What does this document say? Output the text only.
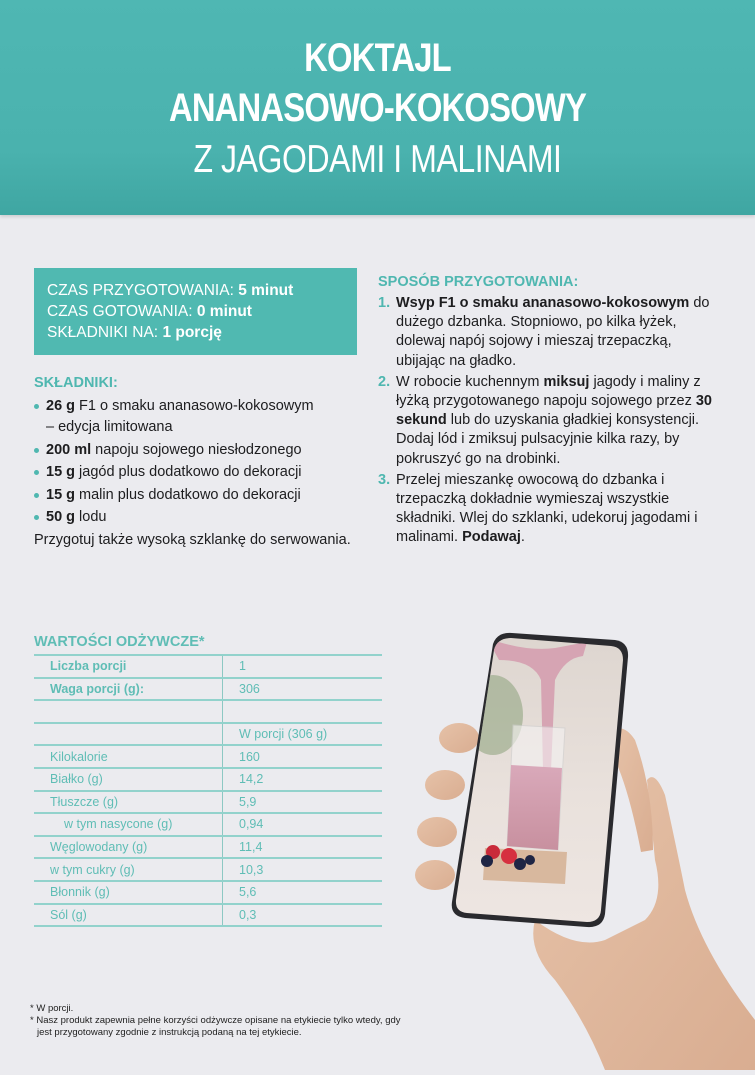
KOKTAJL
ANANASOWO-KOKOSOWY
Z JAGODAMI I MALINAMI
CZAS PRZYGOTOWANIA: 5 minut
CZAS GOTOWANIA: 0 minut
SKŁADNIKI NA: 1 porcję
SKŁADNIKI:
26 g F1 o smaku ananasowo-kokosowym
– edycja limitowana
200 ml napoju sojowego niesłodzonego
15 g jagód plus dodatkowo do dekoracji
15 g malin plus dodatkowo do dekoracji
50 g lodu
Przygotuj także wysoką szklankę do serwowania.
SPOSÓB PRZYGOTOWANIA:
1. Wsyp F1 o smaku ananasowo-kokosowym do dużego dzbanka. Stopniowo, po kilka łyżek, dolewaj napój sojowy i mieszaj trzepaczką, ubijając na gładko.
2. W robocie kuchennym miksuj jagody i maliny z łyżką przygotowanego napoju sojowego przez 30 sekund lub do uzyskania gładkiej konsystencji. Dodaj lód i zmiksuj pulsacyjnie kilka razy, by pokruszyć go na drobinki.
3. Przelej mieszankę owocową do dzbanka i trzepaczką dokładnie wymieszaj wszystkie składniki. Wlej do szklanki, udekoruj jagodami i malinami. Podawaj.
WARTOŚCI ODŻYWCZE*
Liczba porcji	1
Waga porcji (g):	306

	W porcji (306 g)
Kilokalorie	160
Białko (g)	14,2
Tłuszcze (g)	5,9
w tym nasycone (g)	0,94
Węglowodany (g)	11,4
w tym cukry (g)	10,3
Błonnik (g)	5,6
Sól (g)	0,3
* W porcji.
* Nasz produkt zapewnia pełne korzyści odżywcze opisane na etykiecie tylko wtedy, gdy jest przygotowany zgodnie z instrukcją podaną na tej etykiecie.
